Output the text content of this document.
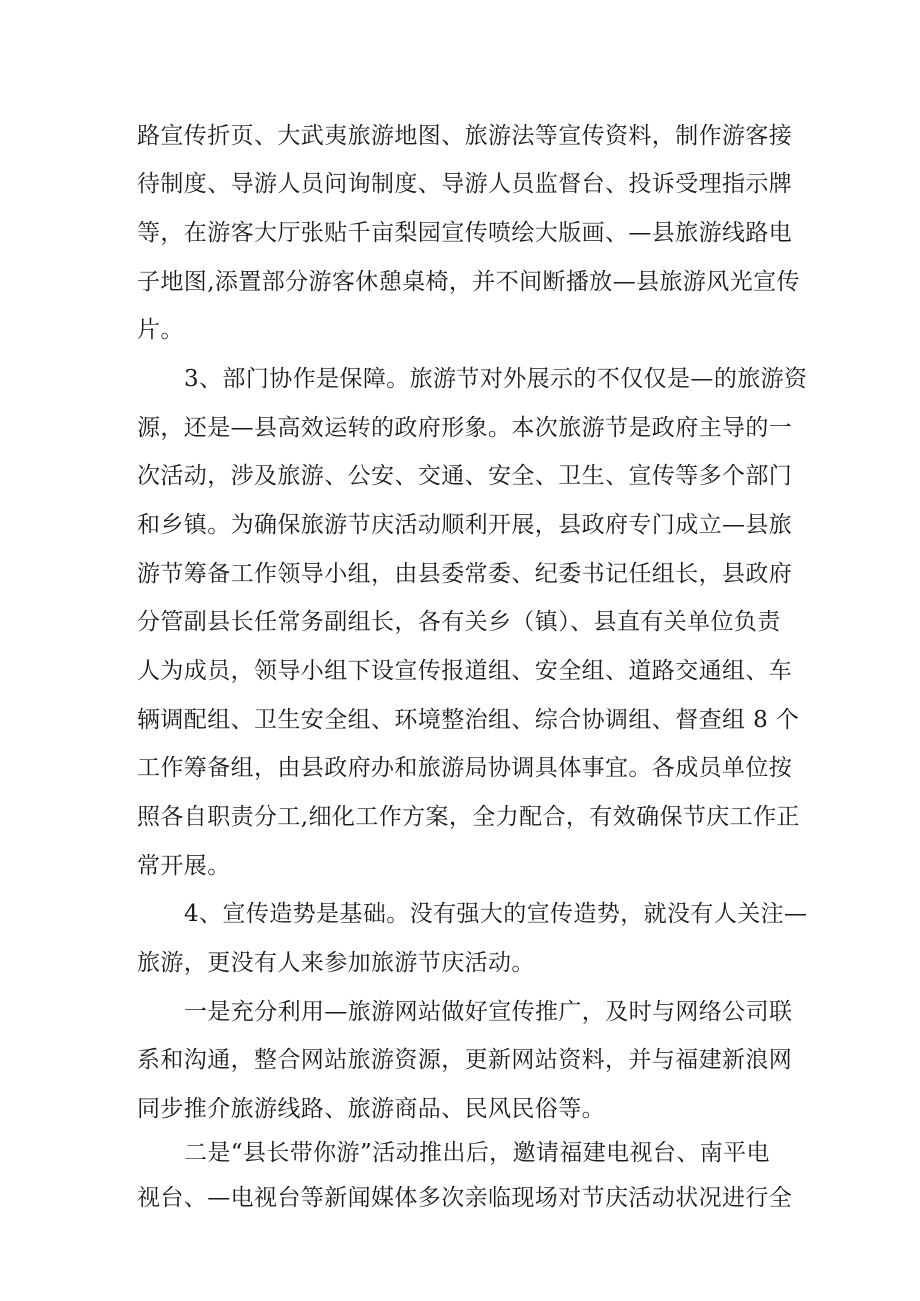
路宣传折页、大武夷旅游地图、旅游法等宣传资料，制作游客接
待制度、导游人员问询制度、导游人员监督台、投诉受理指示牌
等，在游客大厅张贴千亩梨园宣传喷绘大版画、—县旅游线路电
子地图,添置部分游客休憩桌椅，并不间断播放—县旅游风光宣传
片。
3、部门协作是保障。旅游节对外展示的不仅仅是—的旅游资
源，还是—县高效运转的政府形象。本次旅游节是政府主导的一
次活动，涉及旅游、公安、交通、安全、卫生、宣传等多个部门
和乡镇。为确保旅游节庆活动顺利开展，县政府专门成立—县旅
游节筹备工作领导小组，由县委常委、纪委书记任组长，县政府
分管副县长任常务副组长，各有关乡（镇）、县直有关单位负责
人为成员，领导小组下设宣传报道组、安全组、道路交通组、车
辆调配组、卫生安全组、环境整治组、综合协调组、督查组 8 个
工作筹备组，由县政府办和旅游局协调具体事宜。各成员单位按
照各自职责分工,细化工作方案，全力配合，有效确保节庆工作正
常开展。
4、宣传造势是基础。没有强大的宣传造势，就没有人关注—
旅游，更没有人来参加旅游节庆活动。
一是充分利用—旅游网站做好宣传推广，及时与网络公司联
系和沟通，整合网站旅游资源，更新网站资料，并与福建新浪网
同步推介旅游线路、旅游商品、民风民俗等。
二是“县长带你游”活动推出后，邀请福建电视台、南平电
视台、—电视台等新闻媒体多次亲临现场对节庆活动状况进行全
